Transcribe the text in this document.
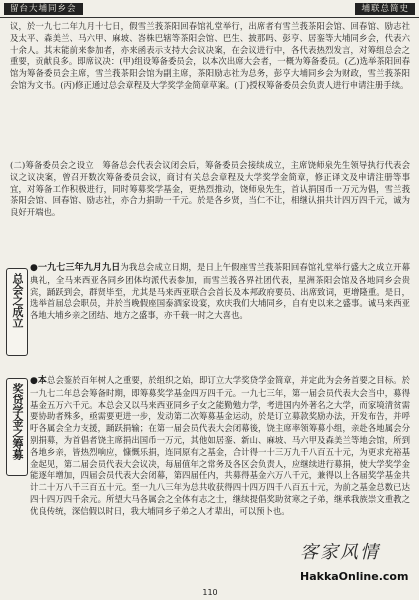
留台大埔同乡会	埔联总简史

议，於一九七二年九月十七日，假雪兰莪茶阳回春馆礼堂举行，出席者有雪兰莪茶阳会馆、回春馆、励志社及太平、森美兰、马六甲、麻坡、峇株巴辖等茶阳会馆、巴生、披那吗、彭亨、居銮等大埔同乡会，代表六十余人。其末能前来参加者，亦来函表示支持大会议决案，在会议进行中，各代表热烈发言，对筹组总会之重要，贡献良多。即席议决：(甲)组设筹备委员会，以本次出席大会者，一概为筹备委员。(乙)选举茶阳回春馆为筹备委员会主席，雪兰莪茶阳会馆为副主席，茶阳励志社为总务，彭亨大埔同乡会为财政，雪兰莪茶阳会馆为文书。(丙)修正通过总会章程及大学奖学金简章草案。(丁)授权筹备委员会负责人进行申请注册手续。

(二)筹备委员会之设立　筹备总会代表会议闭会后，筹备委员会接续成立，主席饶师泉先生领导执行代表会议之议决案，曾召开数次筹备委员会议，商讨有关总会章程及大学奖学金简章，修正译文及申请注册等事宜，对筹备工作积极进行，同时筹募奖学基金，更热烈推动，饶师泉先生，首认捐国币一万元为倡，雪兰莪茶阳会馆、回春馆、励志社，亦合力捐助一千元。於是各乡贤，当仁不让，相继认捐共计四万四千元，诚为良好开端也。

总会之成立
●一九七三年九月九日为我总会成立日期，是日上午假座雪兰莪茶阳回春馆礼堂举行盛大之成立开幕典礼，全马来西亚各同乡团体均派代表参加，而雪兰莪各界社团代表，星洲茶阳会馆及各地同乡会贵宾，踊跃到会，群贤毕至，尤其是马来西亚联合会首长及本邦政府要员、出席致词，更增隆重。是日，选举首届总会职员，并於当晚假座国泰酒家设宴，欢庆我们大埔同乡，自有史以来之盛事。诚马来西亚各地大埔乡亲之团结、地方之盛事，亦千载一时之大喜也。
奖贷学金之筹募
●本总会鉴於百年树人之重要，於组织之始，即订立大学奖贷学金简章，并定此为会务首要之目标。於一九七二年总会筹备时期，即筹募奖学基金四万四千元。一九七三年，第一届会员代表大会当中，募得基金五万六千元。本总会又以马来西亚同乡子女之能勤勉力学，考进国内外著名之大学，而家境清贫需要协助者殊多，亟需要更进一步，发动第二次筹募基金运动，於是订立募款奖励办法，开发布告，并呼吁各属会全力支援，踊跃捐输；在第一届会员代表大会闭幕後，饶主席率领筹募小组，亲赴各地属会分别捐募，为首倡者饶主席捐出国币一万元，其他如居銮、新山、麻坡、马六甲及森美兰等地会馆，所到各地乡亲，皆热烈响应，慷慨乐捐，连同原有之基金，合计得一十三万九千八百五十元，为更求充裕基金起见，第二届会员代表大会议决，每届值年之常务及各区会负责人，应继续进行募捐，使大学奖学金能逐年增加，四届会员代表大会闭幕，第四届任内，共募得基金六万八千元，兼得以上各届奖学基金共计二十万八千三百五十元。至一九八三年为总共收获得四十四万四千八百五十元，为前之基金总数已达四十四万四千余元。所望大马各属会之全体有志之士，继续提倡奖助贫寒之子弟，继承我族崇文重教之优良传统，深信假以时日，我大埔同乡子弟之人才辈出，可以预卜也。
客家风情
HakkaOnline.com
110
